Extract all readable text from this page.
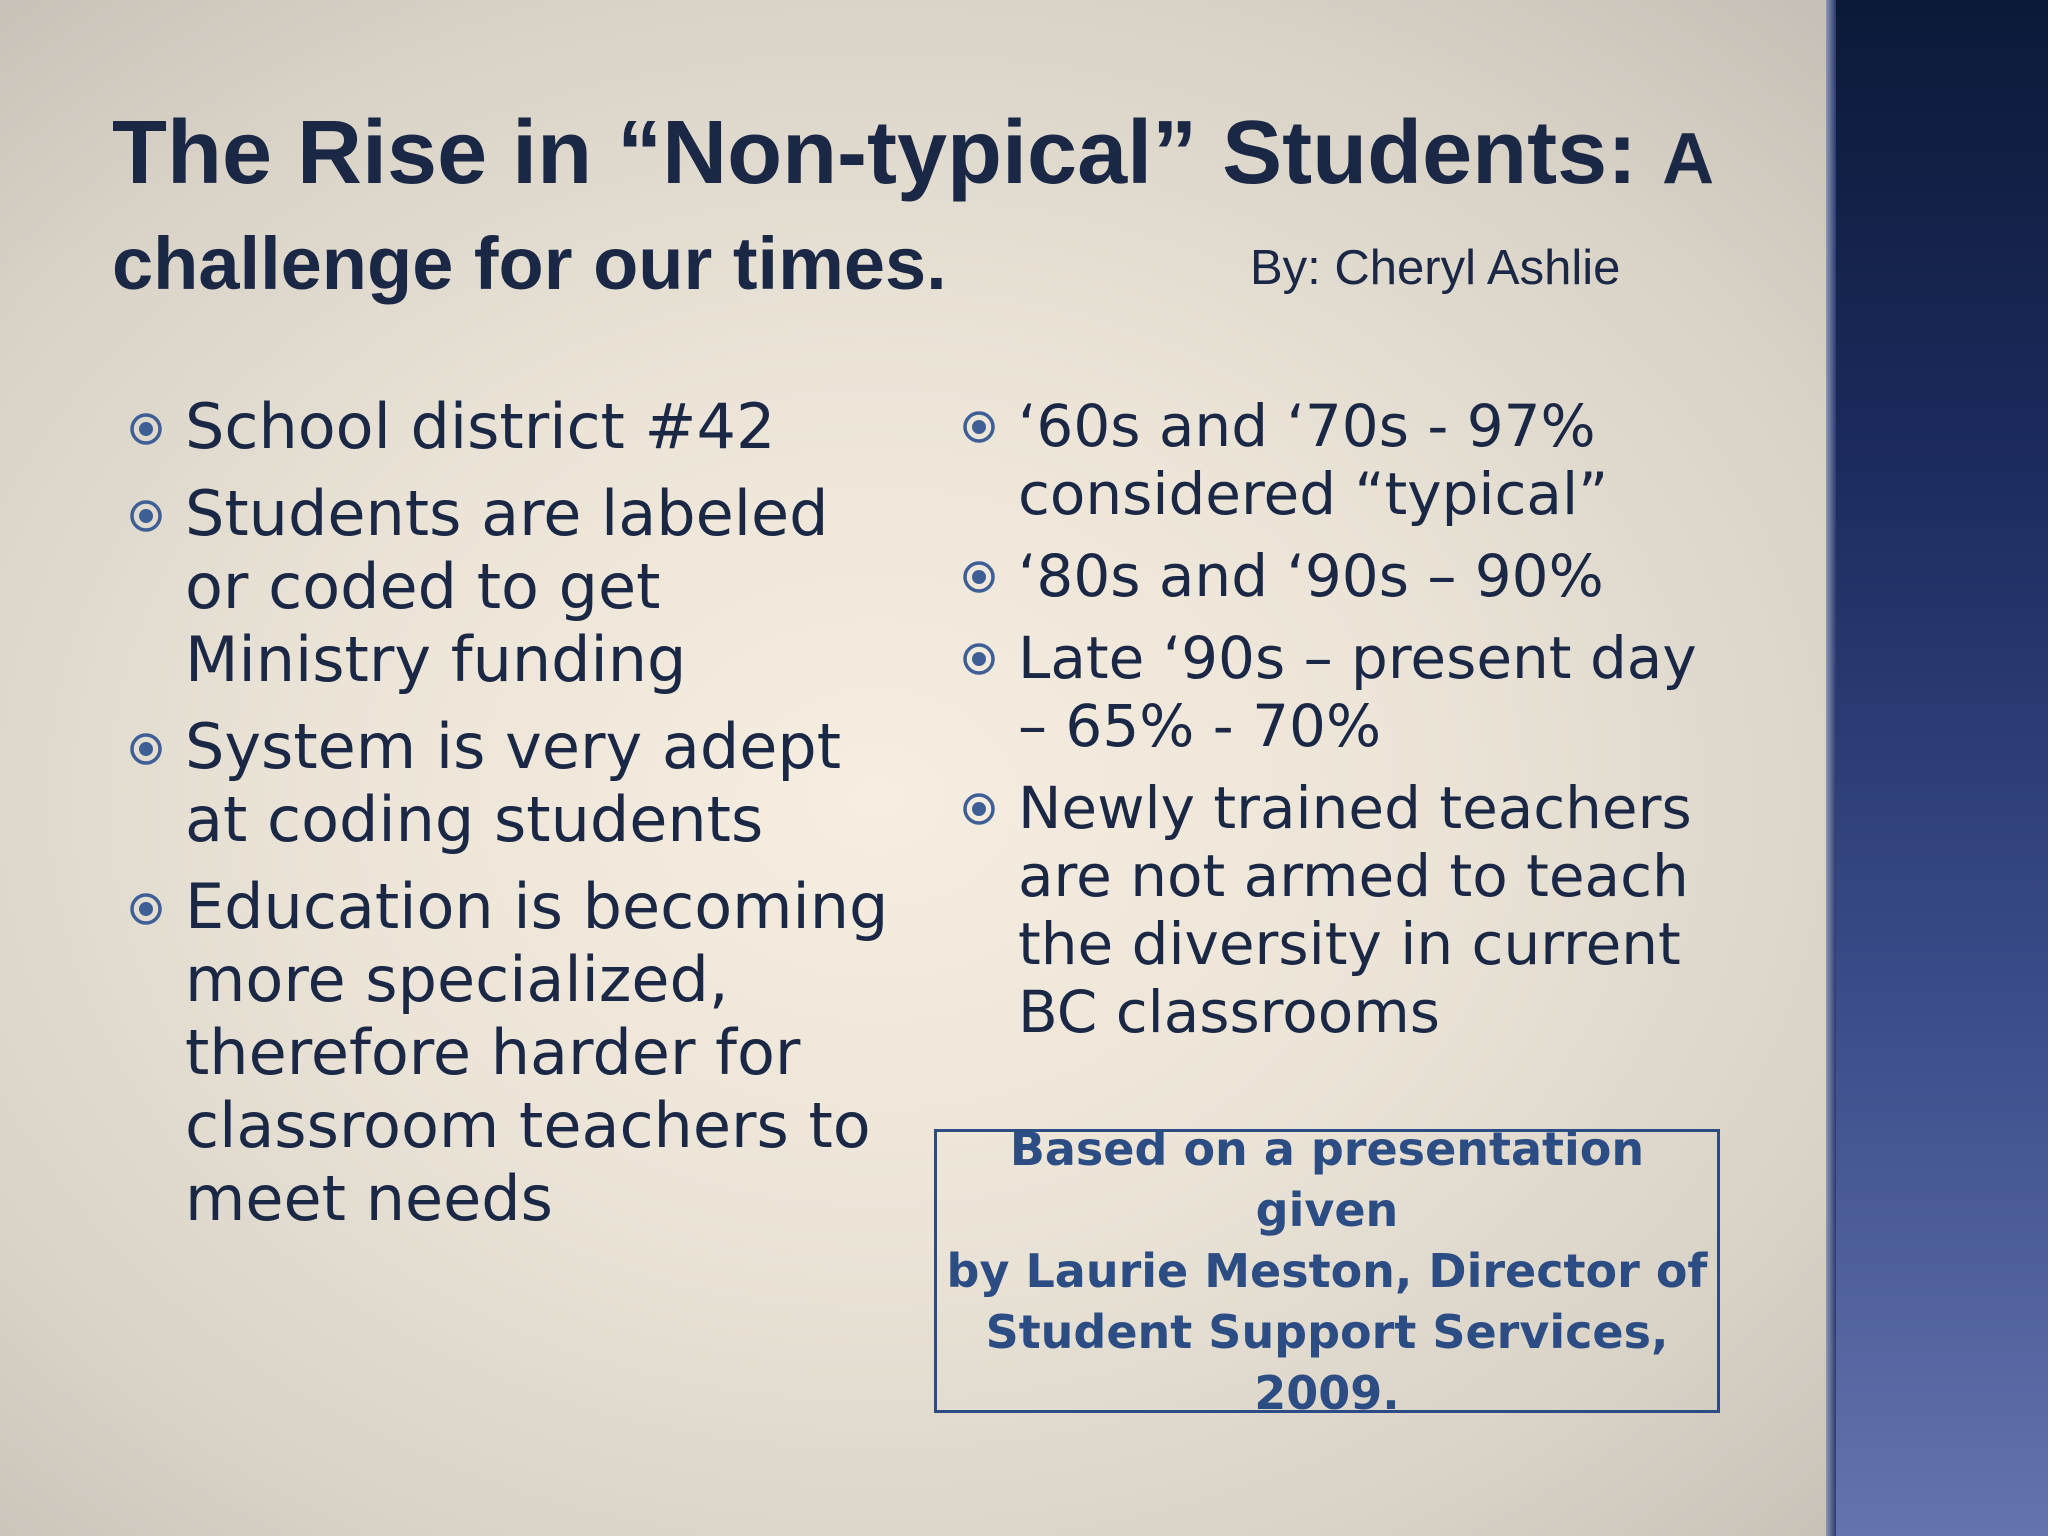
The Rise in “Non-typical” Students: A
challenge for our times.	By: Cheryl Ashlie
School district #42
Students are labeled
or coded to get
Ministry funding
System is very adept
at coding students
Education is becoming
more specialized,
therefore harder for
classroom teachers to
meet needs
‘60s and ‘70s - 97%
considered “typical”
‘80s and ‘90s – 90%
Late ‘90s – present day
– 65% - 70%
Newly trained teachers
are not armed to teach
the diversity in current
BC classrooms

Based on a presentation given
by Laurie Meston, Director of
Student Support Services,
2009.
